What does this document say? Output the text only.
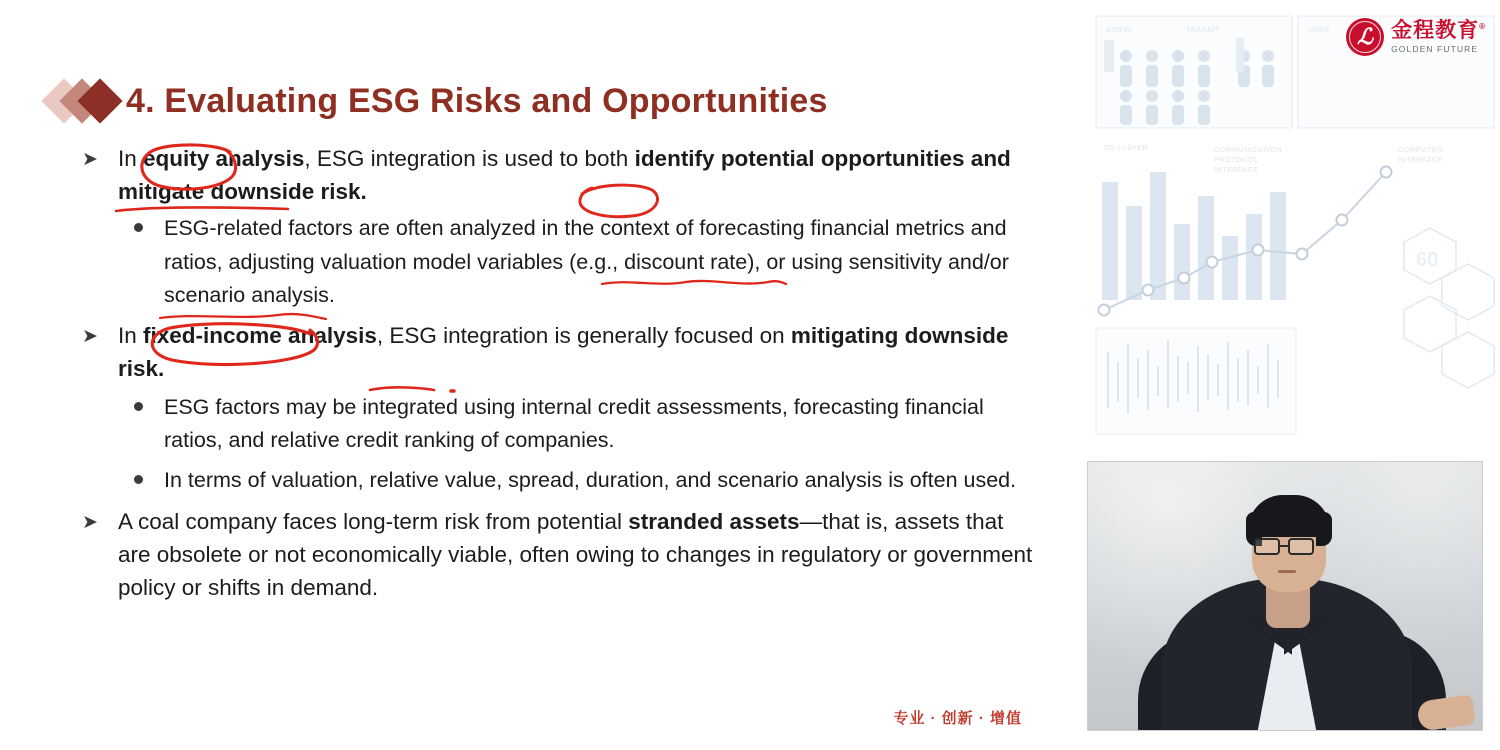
4. Evaluating ESG Risks and Opportunities
➤ In equity analysis, ESG integration is used to both identify potential opportunities and mitigate downside risk.
ESG-related factors are often analyzed in the context of forecasting financial metrics and ratios, adjusting valuation model variables (e.g., discount rate), or using sensitivity and/or scenario analysis.
➤ In fixed-income analysis, ESG integration is generally focused on mitigating downside risk.
ESG factors may be integrated using internal credit assessments, forecasting financial ratios, and relative credit ranking of companies.
In terms of valuation, relative value, spread, duration, and scenario analysis is often used.
➤ A coal company faces long-term risk from potential stranded assets—that is, assets that are obsolete or not economically viable, often owing to changes in regulatory or government policy or shifts in demand.
专业 · 创新 · 增值
ADMIN	TRANSIT	USER
OS / LAYER	COMMUNICATION
PROTOCOL
INTERFACE
COMPUTER
INTERFACE
60
ℒ 金程教育®
GOLDEN FUTURE
